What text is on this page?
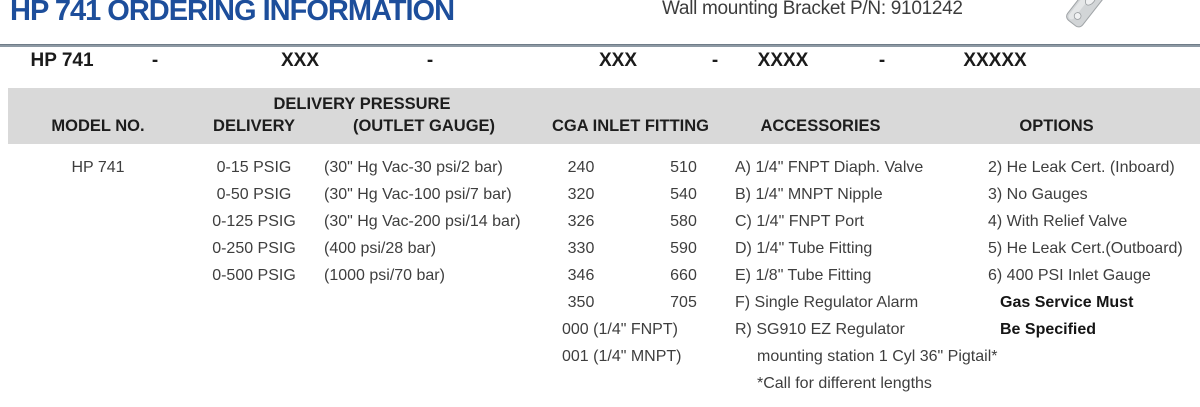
HP 741 ORDERING INFORMATION	Wall mounting Bracket P/N: 9101242
HP 741	-	XXX	-	XXX	- XXXX	-	XXXXX
DELIVERY PRESSURE
MODEL NO.	DELIVERY	(OUTLET GAUGE)	CGA INLET FITTING	ACCESSORIES	OPTIONS
HP 741	0-15 PSIG	(30" Hg Vac-30 psi/2 bar)	240	510	A) 1/4" FNPT Diaph. Valve	2) He Leak Cert. (Inboard)
0-50 PSIG	(30" Hg Vac-100 psi/7 bar)	320	540	B) 1/4" MNPT Nipple	3) No Gauges
0-125 PSIG	(30" Hg Vac-200 psi/14 bar)	326	580	C) 1/4" FNPT Port	4) With Relief Valve
0-250 PSIG	(400 psi/28 bar)	330	590	D) 1/4" Tube Fitting	5) He Leak Cert.(Outboard)
0-500 PSIG	(1000 psi/70 bar)	346	660	E) 1/8" Tube Fitting	6) 400 PSI Inlet Gauge
350	705	F) Single Regulator Alarm	Gas Service Must
000 (1/4" FNPT)	R) SG910 EZ Regulator	Be Specified
001 (1/4" MNPT)	mounting station 1 Cyl 36" Pigtail*
*Call for different lengths
